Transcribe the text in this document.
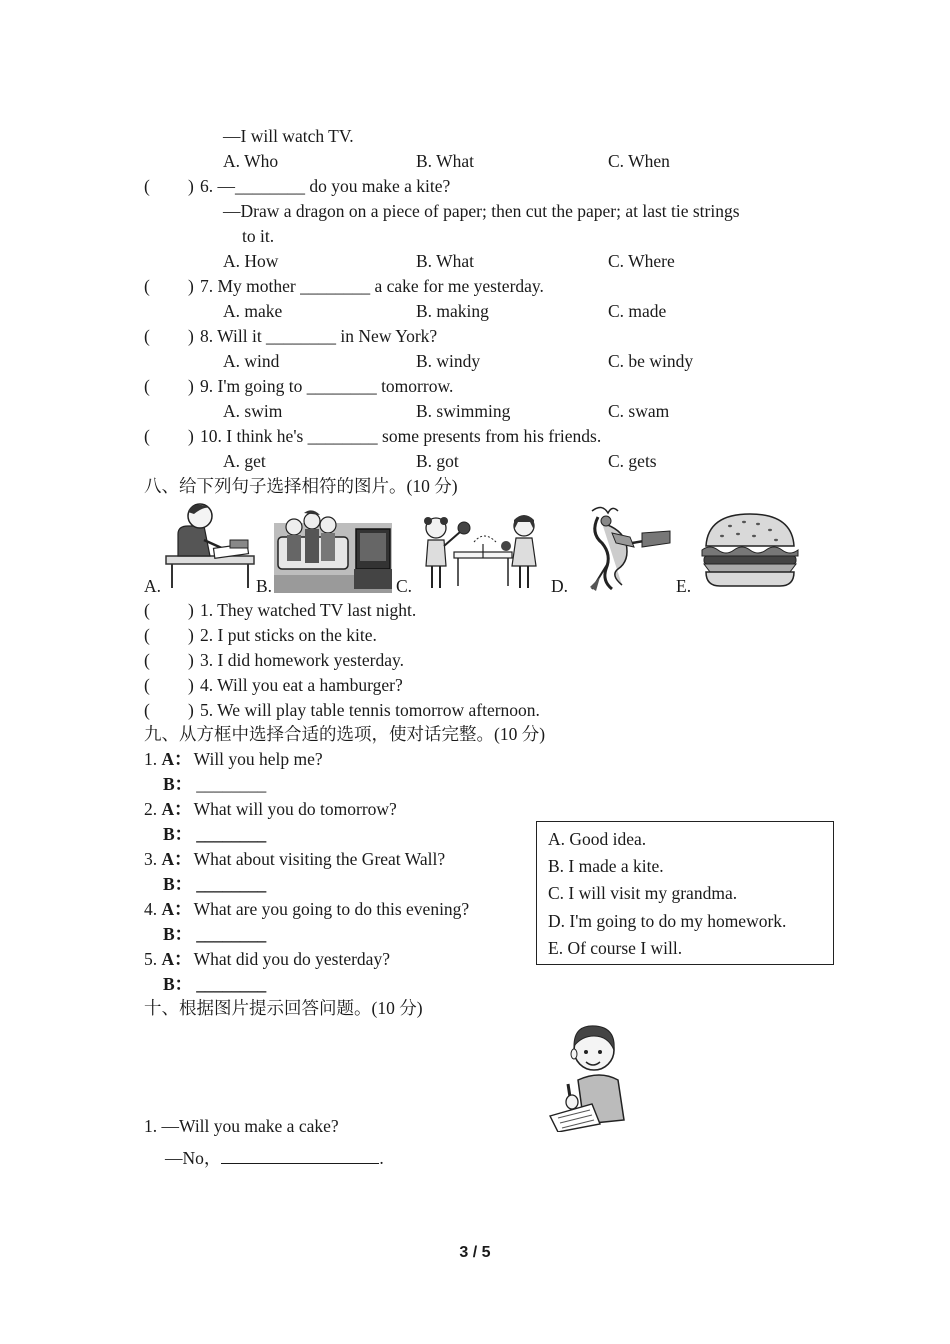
—I will watch TV.
A. Who	B. What	C. When
( ) 6. —________ do you make a kite?
—Draw a dragon on a piece of paper; then cut the paper; at last tie strings
to it.
A. How	B. What	C. Where
( ) 7. My mother ________ a cake for me yesterday.
A. make	B. making	C. made
( ) 8. Will it ________ in New York?
A. wind	B. windy	C. be windy
( ) 9. I'm going to ________ tomorrow.
A. swim	B. swimming	C. swam
( ) 10. I think he's ________ some presents from his friends.
A. get	B. got	C. gets
八、给下列句子选择相符的图片。(10 分)
A.	B.	C.	D.	E.
( ) 1. They watched TV last night.
( ) 2. I put sticks on the kite.
( ) 3. I did homework yesterday.
( ) 4. Will you eat a hamburger?
( ) 5. We will play table tennis tomorrow afternoon.
九、从方框中选择合适的选项，使对话完整。(10 分)
1. A： Will you help me?
B： ________
2. A： What will you do tomorrow?
B： ________
3. A： What about visiting the Great Wall?
B： ________
4. A： What are you going to do this evening?
B： ________
5. A： What did you do yesterday?
B： ________
A. Good idea.
B. I made a kite.
C. I will visit my grandma.
D. I'm going to do my homework.
E. Of course I will.
十、根据图片提示回答问题。(10 分)
1. —Will you make a cake?
—No，	.
3 / 5
